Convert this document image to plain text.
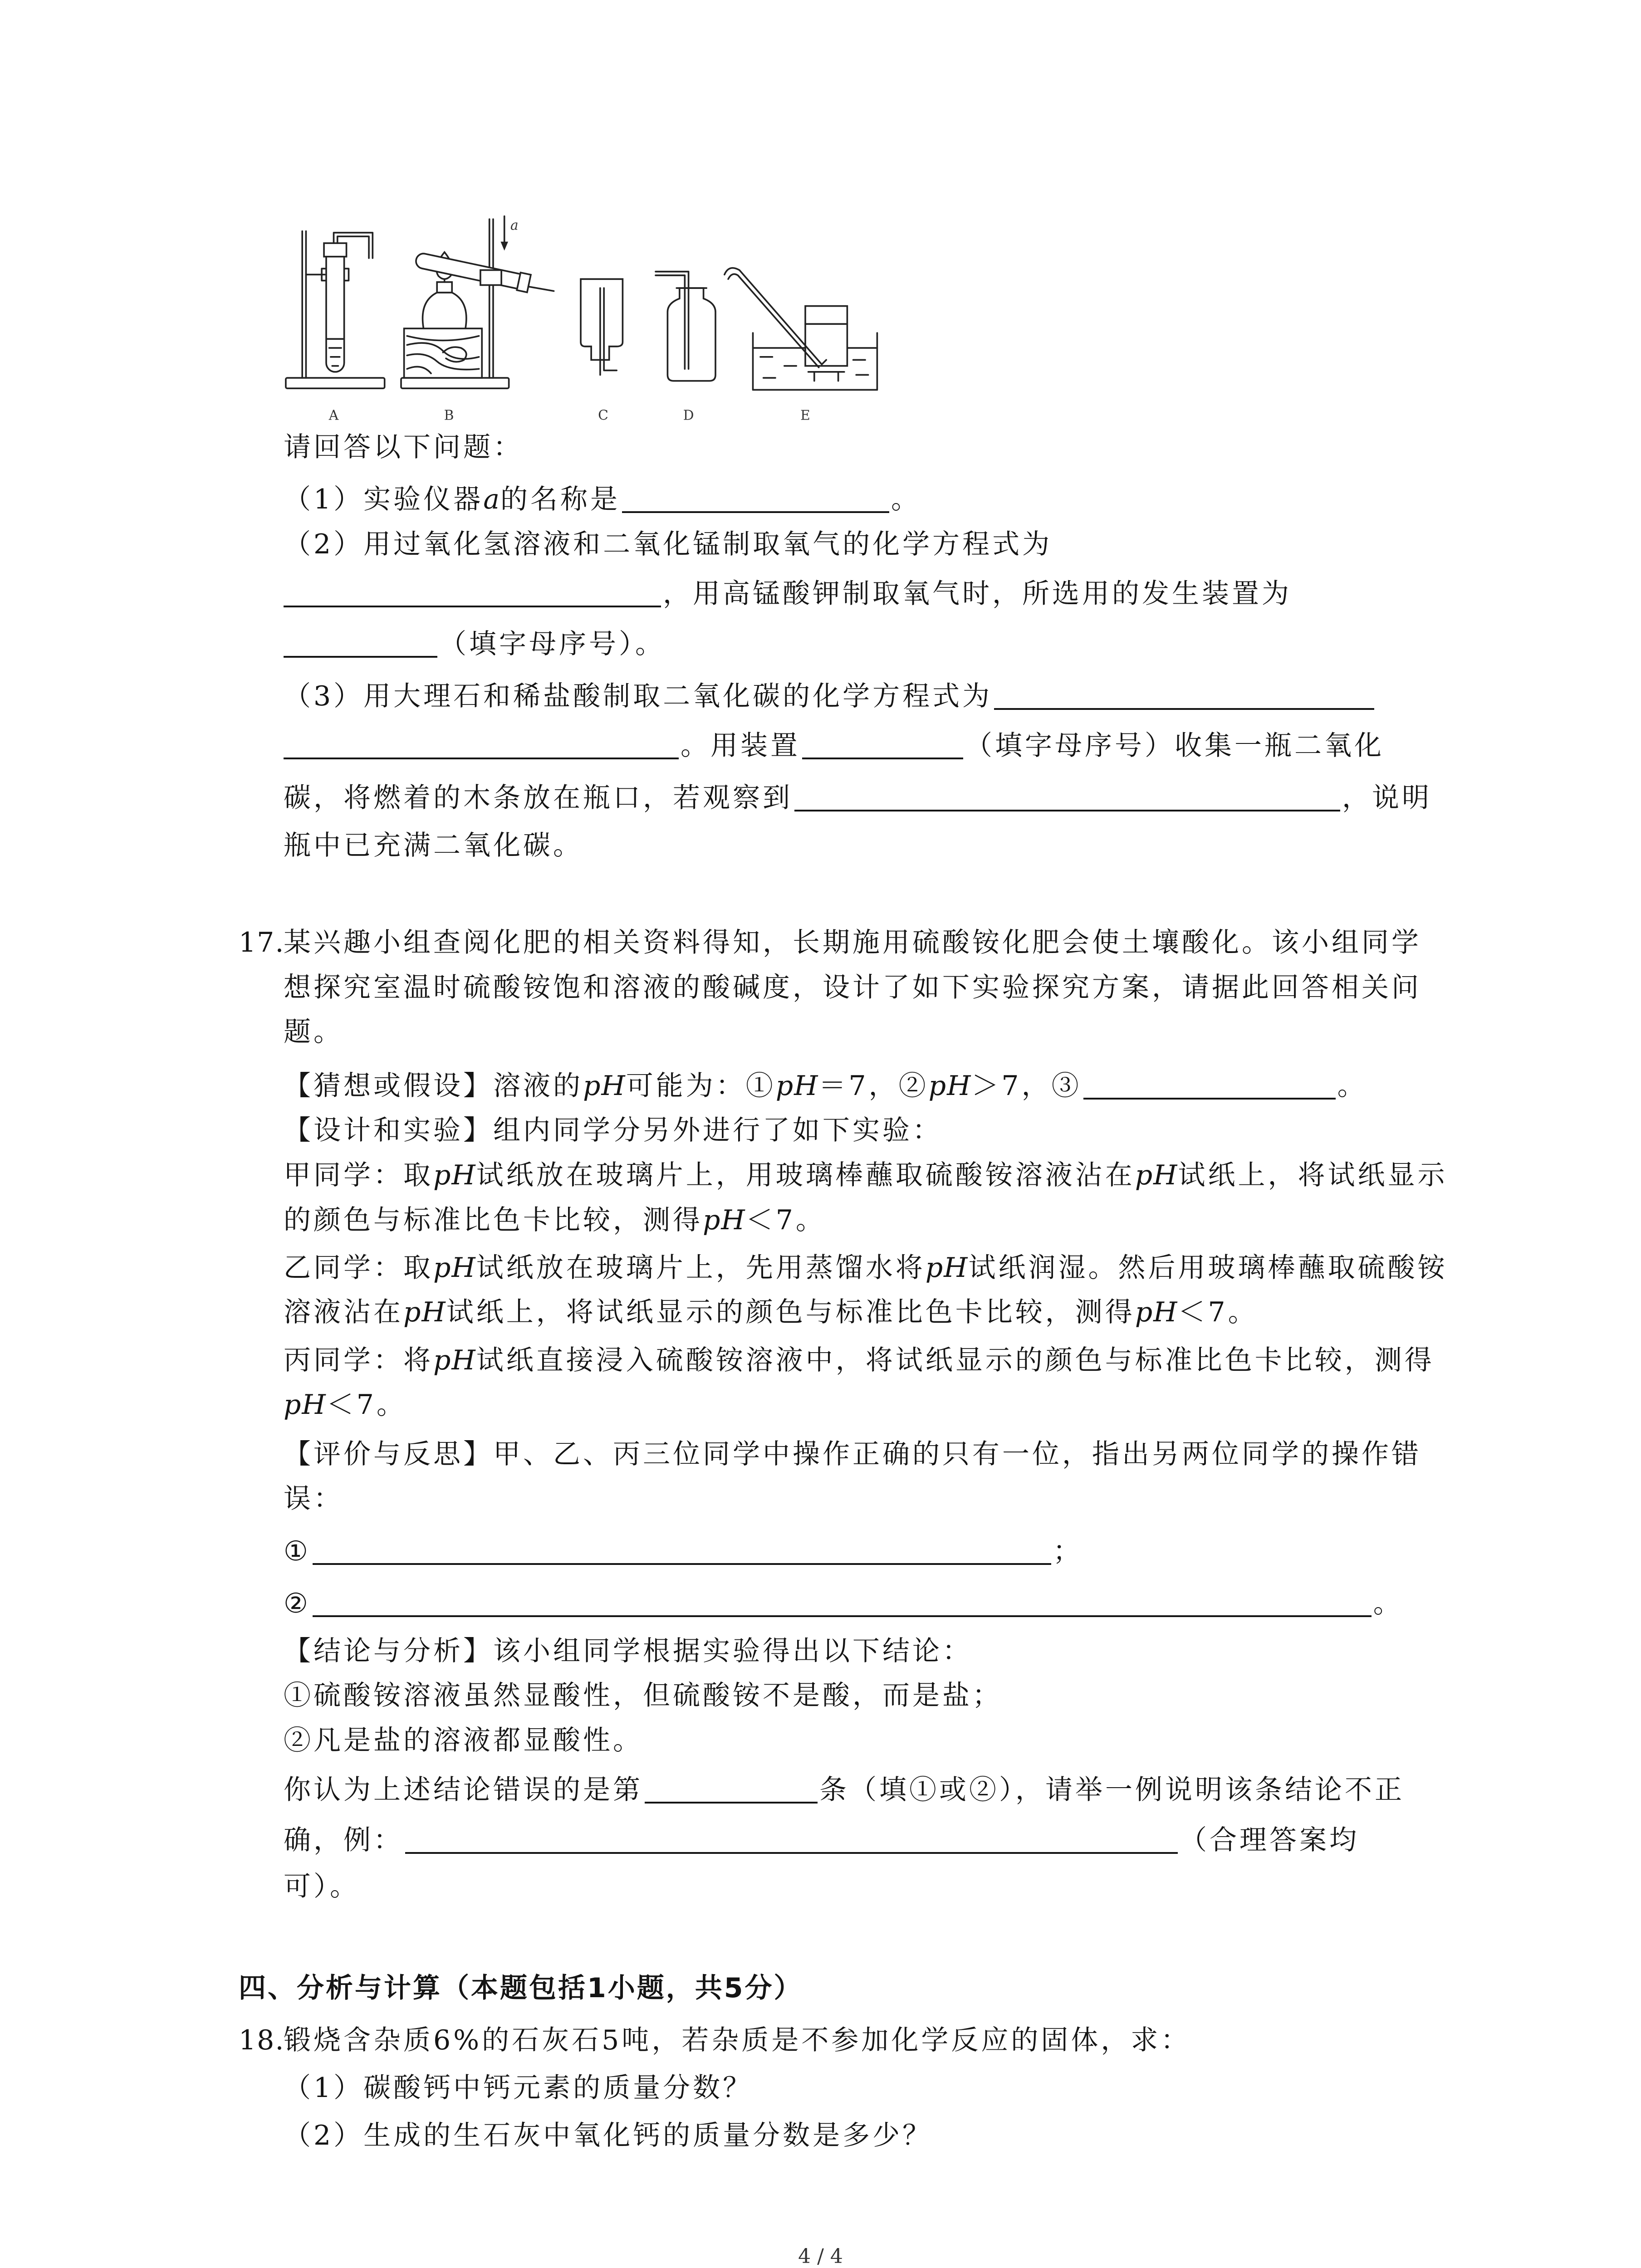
a
A	B	C	D	E
请回答以下问题：
（1）实验仪器a的名称是	。
（2）用过氧化氢溶液和二氧化锰制取氧气的化学方程式为
，用高锰酸钾制取氧气时，所选用的发生装置为
（填字母序号）。
（3）用大理石和稀盐酸制取二氧化碳的化学方程式为
。用装置	（填字母序号）收集一瓶二氧化
碳，将燃着的木条放在瓶口，若观察到	，说明
瓶中已充满二氧化碳。
17.
某兴趣小组查阅化肥的相关资料得知，长期施用硫酸铵化肥会使土壤酸化。该小组同学
想探究室温时硫酸铵饱和溶液的酸碱度，设计了如下实验探究方案，请据此回答相关问
题。
【猜想或假设】溶液的pH可能为：①pH＝7，②pH＞7，③	。
【设计和实验】组内同学分另外进行了如下实验：
甲同学：取pH试纸放在玻璃片上，用玻璃棒蘸取硫酸铵溶液沾在pH试纸上，将试纸显示
的颜色与标准比色卡比较，测得pH＜7。
乙同学：取pH试纸放在玻璃片上，先用蒸馏水将pH试纸润湿。然后用玻璃棒蘸取硫酸铵
溶液沾在pH试纸上，将试纸显示的颜色与标准比色卡比较，测得pH＜7。
丙同学：将pH试纸直接浸入硫酸铵溶液中，将试纸显示的颜色与标准比色卡比较，测得
pH＜7。
【评价与反思】甲、乙、丙三位同学中操作正确的只有一位，指出另两位同学的操作错
误：
①	；
②	。
【结论与分析】该小组同学根据实验得出以下结论：
①硫酸铵溶液虽然显酸性，但硫酸铵不是酸，而是盐；
②凡是盐的溶液都显酸性。
你认为上述结论错误的是第	条（填①或②），请举一例说明该条结论不正
确，例：	（合理答案均
可）。
四、分析与计算（本题包括1小题，共5分）
18.
锻烧含杂质6%的石灰石5吨，若杂质是不参加化学反应的固体，求：
（1）碳酸钙中钙元素的质量分数？
（2）生成的生石灰中氧化钙的质量分数是多少？
4 / 4
